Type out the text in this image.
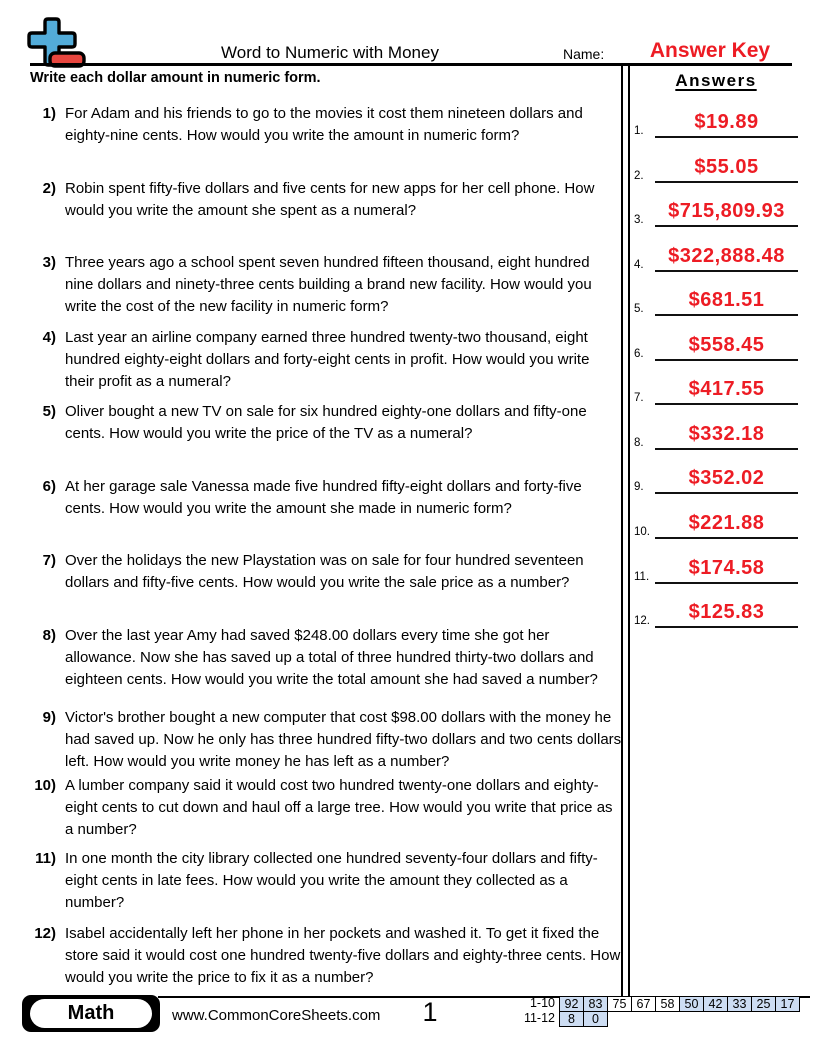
Word to Numeric with Money	Name:	Answer Key
Write each dollar amount in numeric form.	Answers
1) For Adam and his friends to go to the movies it cost them nineteen dollars and eighty-nine cents. How would you write the amount in numeric form?
2) Robin spent fifty-five dollars and five cents for new apps for her cell phone. How would you write the amount she spent as a numeral?
3) Three years ago a school spent seven hundred fifteen thousand, eight hundred nine dollars and ninety-three cents building a brand new facility. How would you write the cost of the new facility in numeric form?
4) Last year an airline company earned three hundred twenty-two thousand, eight hundred eighty-eight dollars and forty-eight cents in profit. How would you write their profit as a numeral?
5) Oliver bought a new TV on sale for six hundred eighty-one dollars and fifty-one cents. How would you write the price of the TV as a numeral?
6) At her garage sale Vanessa made five hundred fifty-eight dollars and forty-five cents. How would you write the amount she made in numeric form?
7) Over the holidays the new Playstation was on sale for four hundred seventeen dollars and fifty-five cents. How would you write the sale price as a number?
8) Over the last year Amy had saved $248.00 dollars every time she got her allowance. Now she has saved up a total of three hundred thirty-two dollars and eighteen cents. How would you write the total amount she had saved a number?
9) Victor's brother bought a new computer that cost $98.00 dollars with the money he had saved up. Now he only has three hundred fifty-two dollars and two cents dollars left. How would you write money he has left as a number?
10) A lumber company said it would cost two hundred twenty-one dollars and eighty-eight cents to cut down and haul off a large tree. How would you write that price as a number?
11) In one month the city library collected one hundred seventy-four dollars and fifty-eight cents in late fees. How would you write the amount they collected as a number?
12) Isabel accidentally left her phone in her pockets and washed it. To get it fixed the store said it would cost one hundred twenty-five dollars and eighty-three cents. How would you write the price to fix it as a number?
1.	$19.89
2.	$55.05
3.	$715,809.93
4.	$322,888.48
5.	$681.51
6.	$558.45
7.	$417.55
8.	$332.18
9.	$352.02
10.	$221.88
11.	$174.58
12.	$125.83
Math	www.CommonCoreSheets.com	1	1-10 92 83 75 67 58 50 42 33 25 17
11-12	8	0
